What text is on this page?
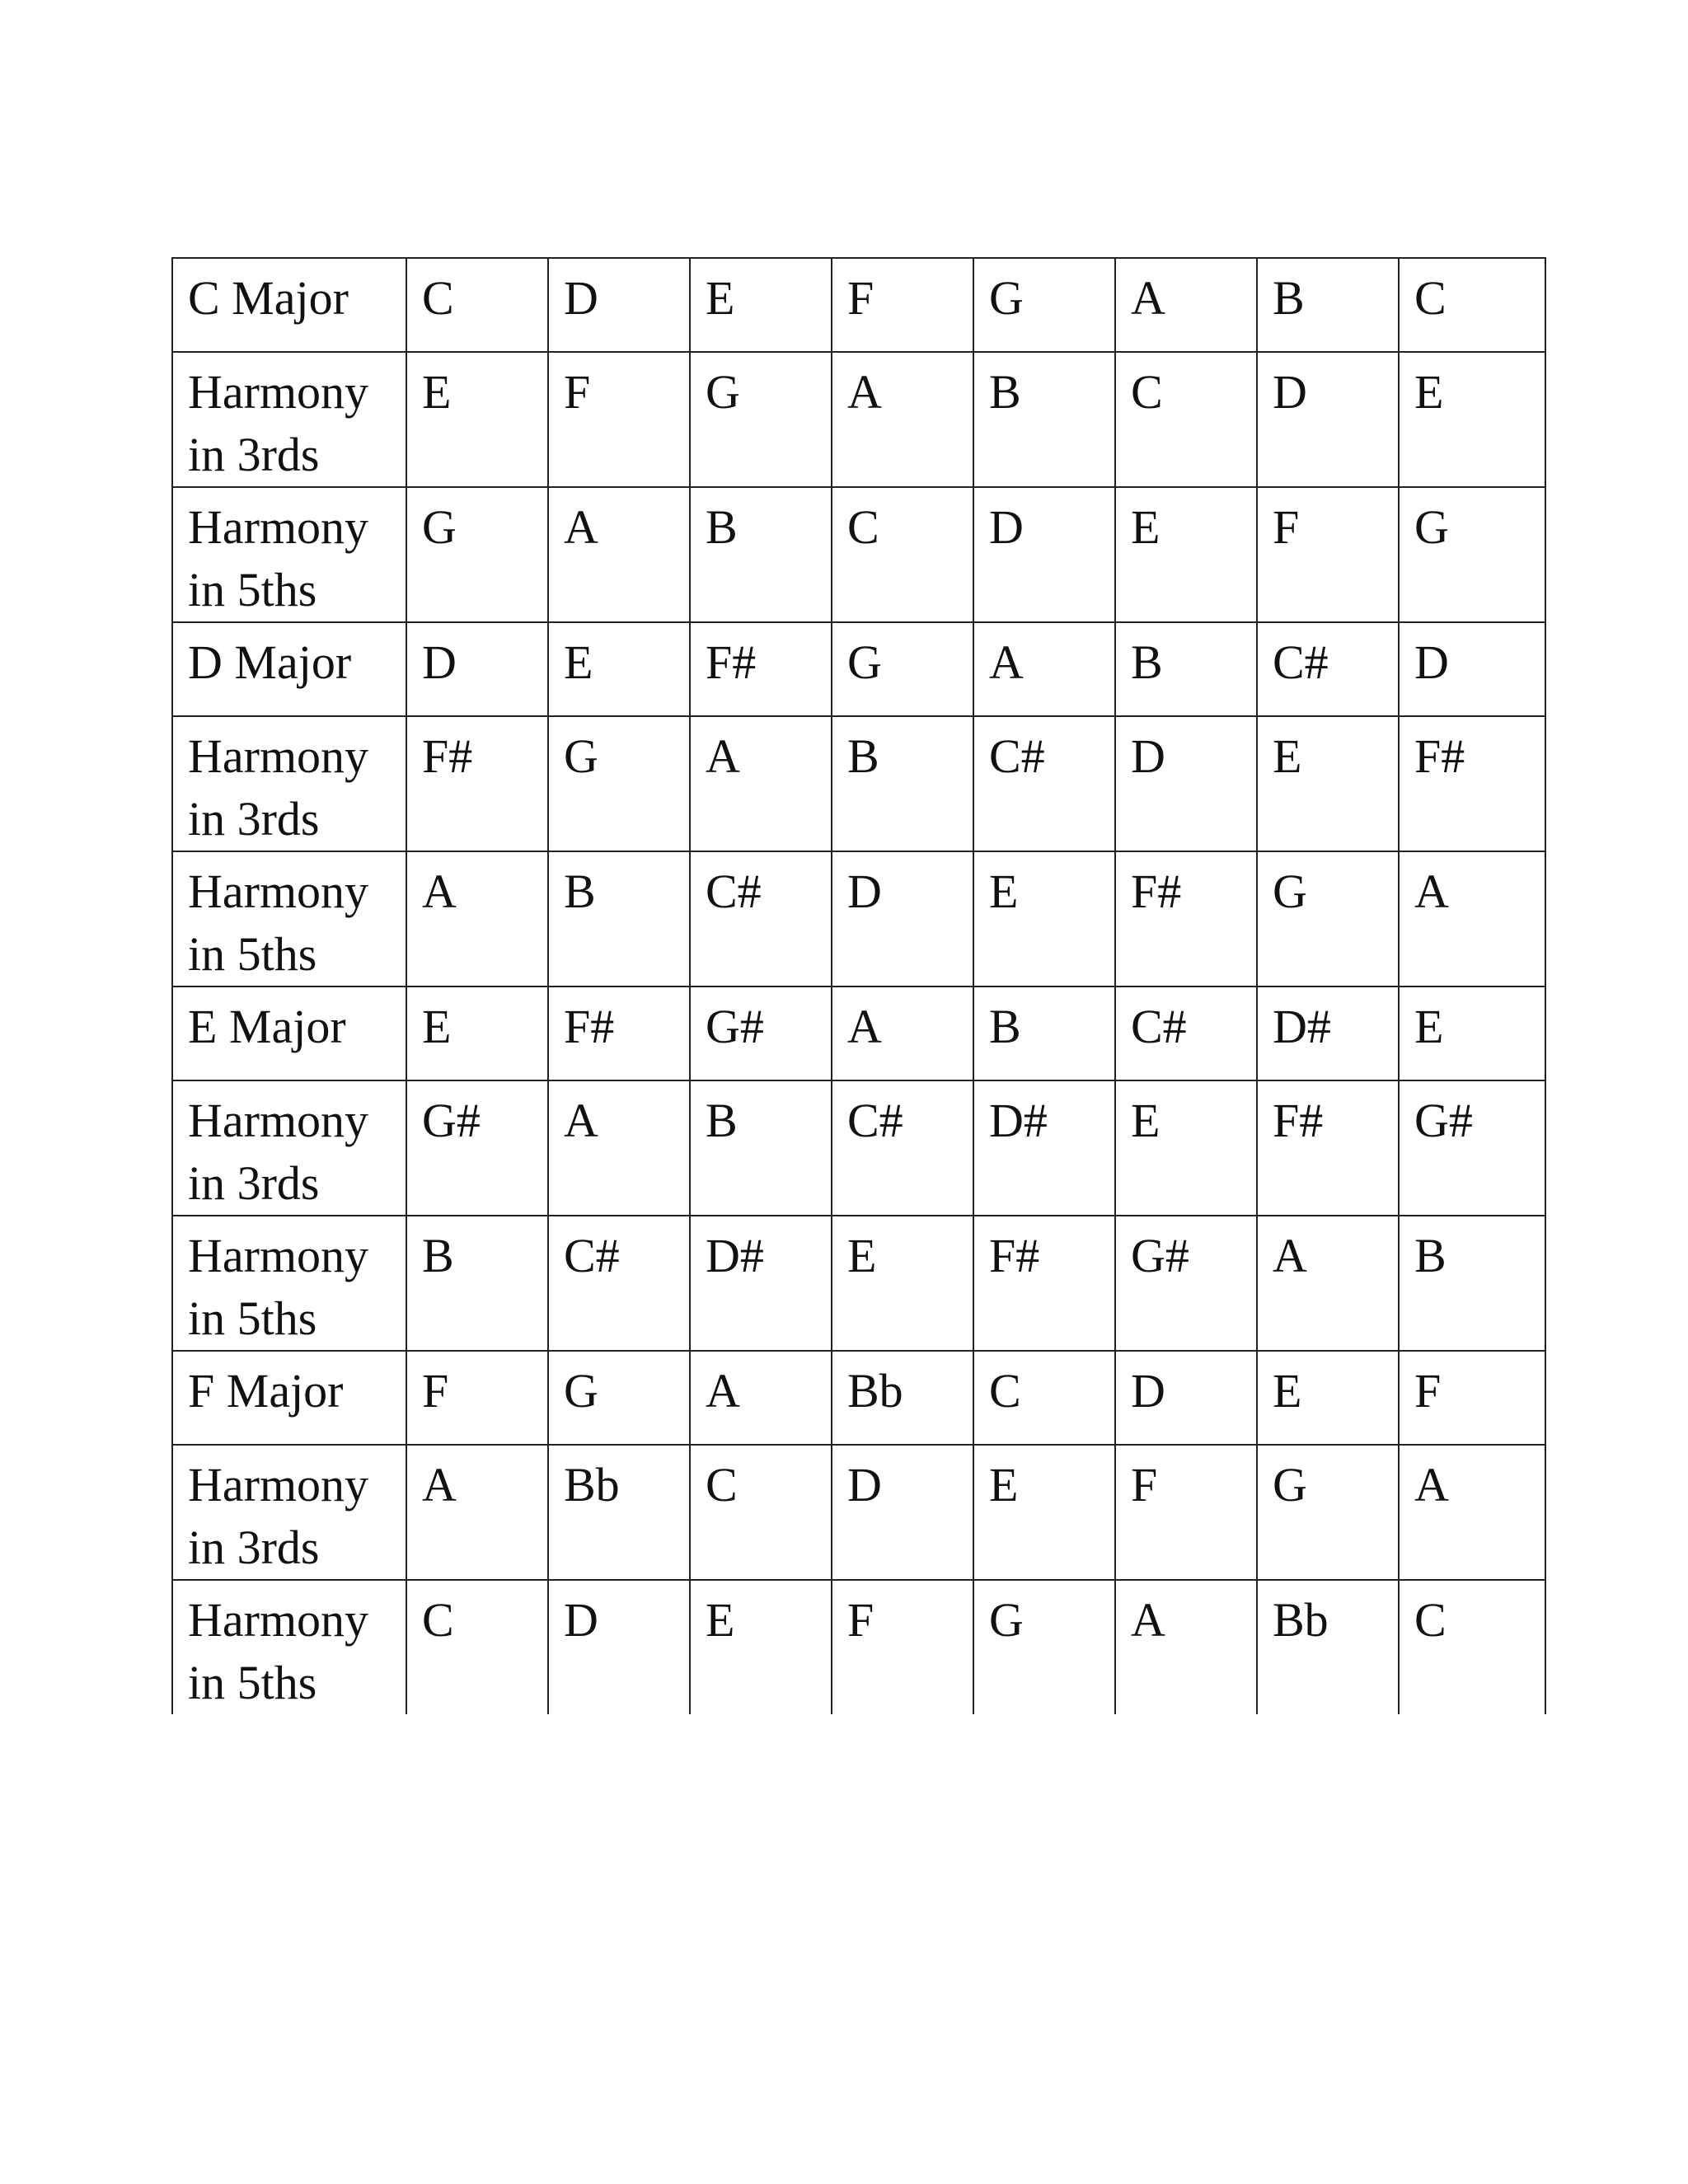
C Major	C	D	E	F	G	A	B	C
Harmony in 3rds	E	F	G	A	B	C	D	E
Harmony in 5ths	G	A	B	C	D	E	F	G
D Major	D	E	F#	G	A	B	C#	D
Harmony in 3rds	F#	G	A	B	C#	D	E	F#
Harmony in 5ths	A	B	C#	D	E	F#	G	A
E Major	E	F#	G#	A	B	C#	D#	E
Harmony in 3rds	G#	A	B	C#	D#	E	F#	G#
Harmony in 5ths	B	C#	D#	E	F#	G#	A	B
F Major	F	G	A	Bb	C	D	E	F
Harmony in 3rds	A	Bb	C	D	E	F	G	A
Harmony in 5ths	C	D	E	F	G	A	Bb	C
